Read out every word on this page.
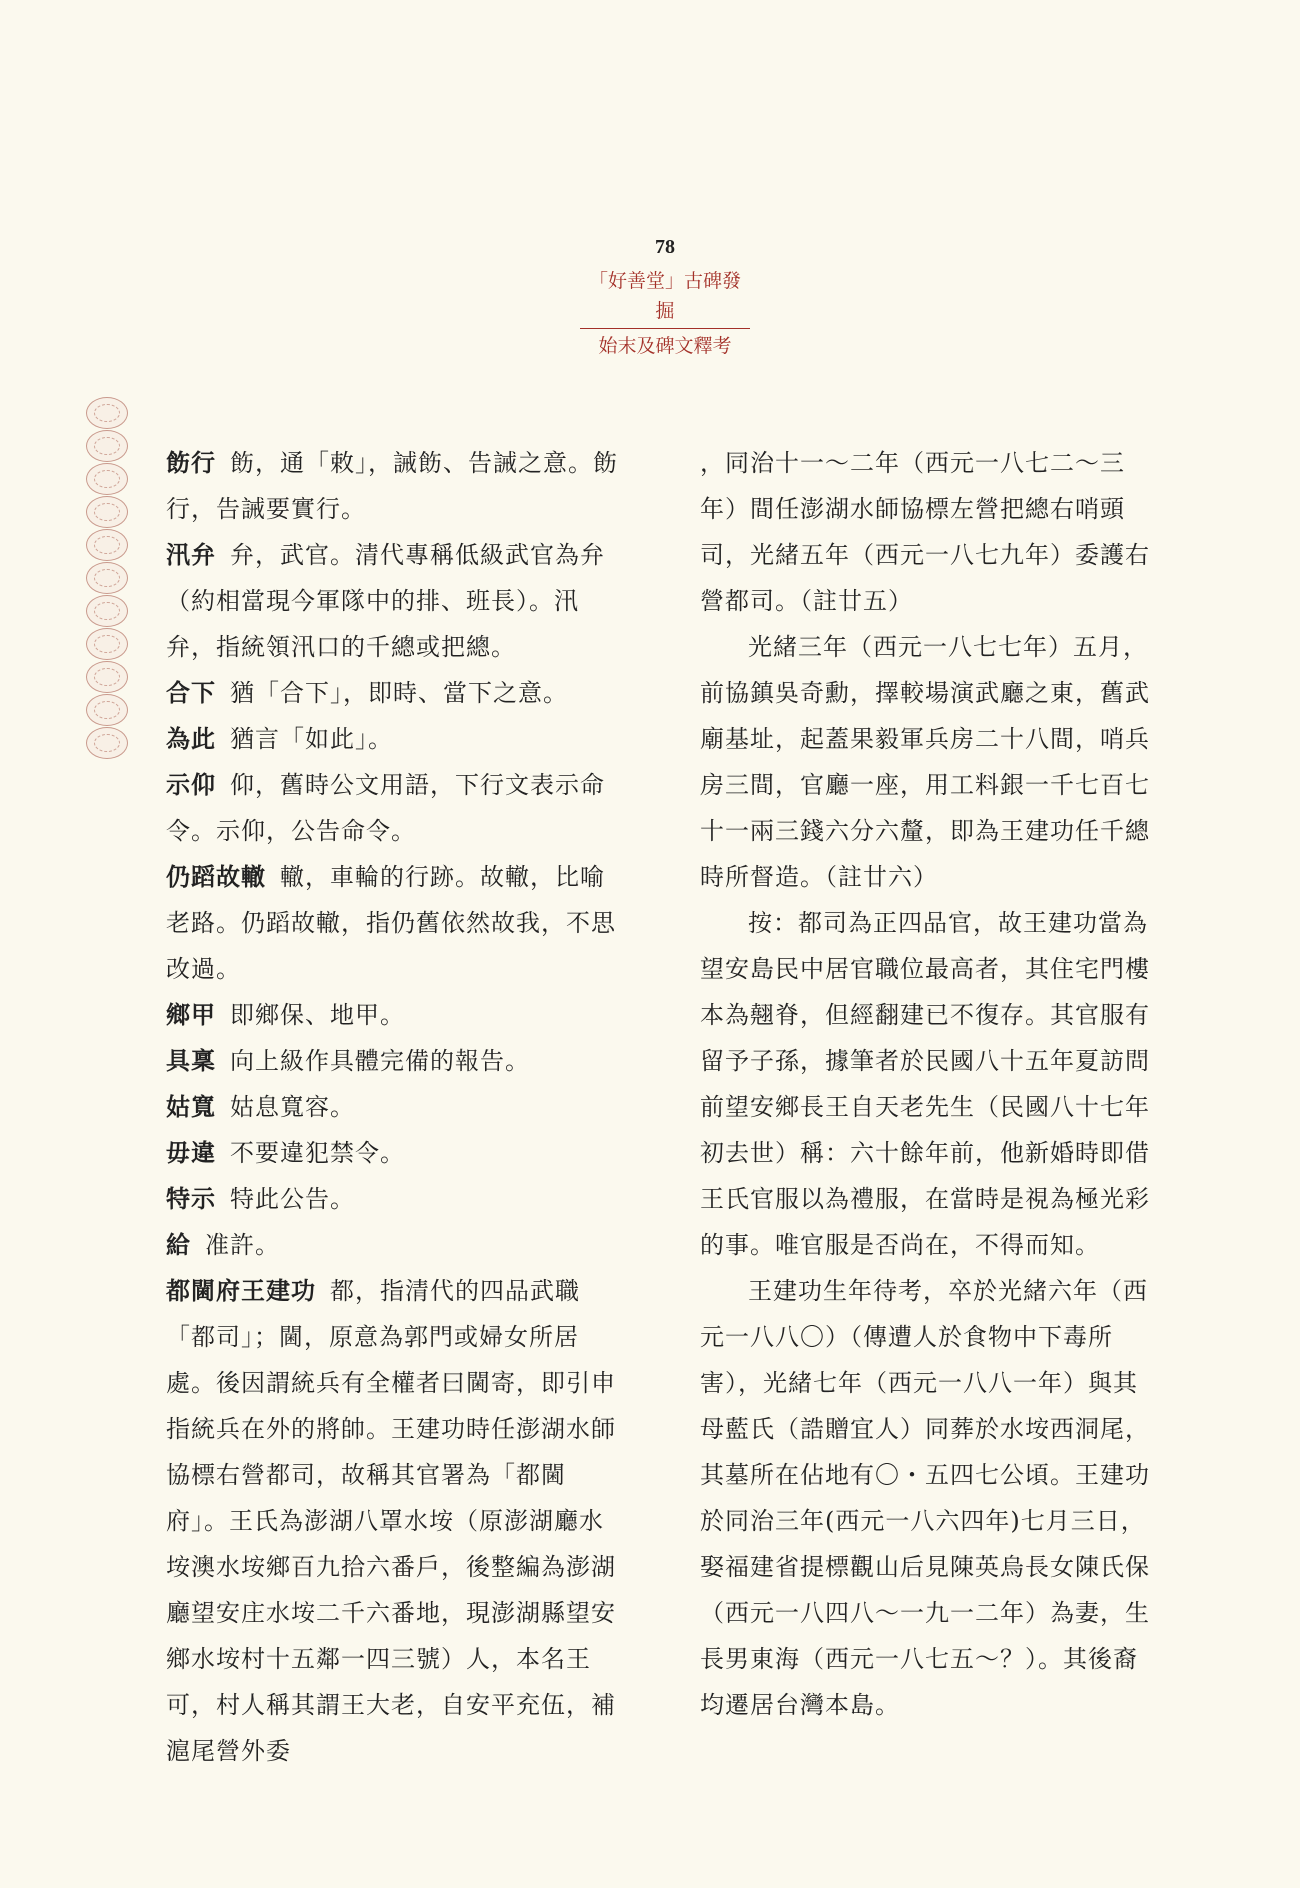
78
「好善堂」古碑發掘
始末及碑文釋考

飭行 飭，通「敕」，誡飭、告誡之意。飭行，告誡要實行。

汛弁 弁，武官。清代專稱低級武官為弁（約相當現今軍隊中的排、班長）。汛弁，指統領汛口的千總或把總。

合下 猶「合下」，即時、當下之意。

為此 猶言「如此」。

示仰 仰，舊時公文用語，下行文表示命令。示仰，公告命令。

仍蹈故轍 轍，車輪的行跡。故轍，比喻老路。仍蹈故轍，指仍舊依然故我，不思改過。

鄉甲 即鄉保、地甲。

具稟 向上級作具體完備的報告。

姑寬 姑息寬容。

毋違 不要違犯禁令。

特示 特此公告。

給 准許。

都閫府王建功 都，指清代的四品武職「都司」；閫，原意為郭門或婦女所居處。後因謂統兵有全權者曰閫寄，即引申指統兵在外的將帥。王建功時任澎湖水師協標右營都司，故稱其官署為「都閫府」。王氏為澎湖八罩水垵（原澎湖廳水垵澳水垵鄉百九拾六番戶，後整編為澎湖廳望安庄水垵二千六番地，現澎湖縣望安鄉水垵村十五鄰一四三號）人，本名王可，村人稱其謂王大老，自安平充伍，補滬尾營外委

，同治十一～二年（西元一八七二～三年）間任澎湖水師協標左營把總右哨頭司，光緒五年（西元一八七九年）委護右營都司。（註廿五）

光緒三年（西元一八七七年）五月，前協鎮吳奇勳，擇較場演武廳之東，舊武廟基址，起蓋果毅軍兵房二十八間，哨兵房三間，官廳一座，用工料銀一千七百七十一兩三錢六分六釐，即為王建功任千總時所督造。（註廿六）

按：都司為正四品官，故王建功當為望安島民中居官職位最高者，其住宅門樓本為翹脊，但經翻建已不復存。其官服有留予子孫，據筆者於民國八十五年夏訪問前望安鄉長王自天老先生（民國八十七年初去世）稱：六十餘年前，他新婚時即借王氏官服以為禮服，在當時是視為極光彩的事。唯官服是否尚在，不得而知。

王建功生年待考，卒於光緒六年（西元一八八〇）（傳遭人於食物中下毒所害），光緒七年（西元一八八一年）與其母藍氏（誥贈宜人）同葬於水垵西洞尾，其墓所在佔地有〇・五四七公頃。王建功於同治三年(西元一八六四年)七月三日，娶福建省提標觀山后見陳英烏長女陳氏保（西元一八四八～一九一二年）為妻，生長男東海（西元一八七五～？）。其後裔均遷居台灣本島。
